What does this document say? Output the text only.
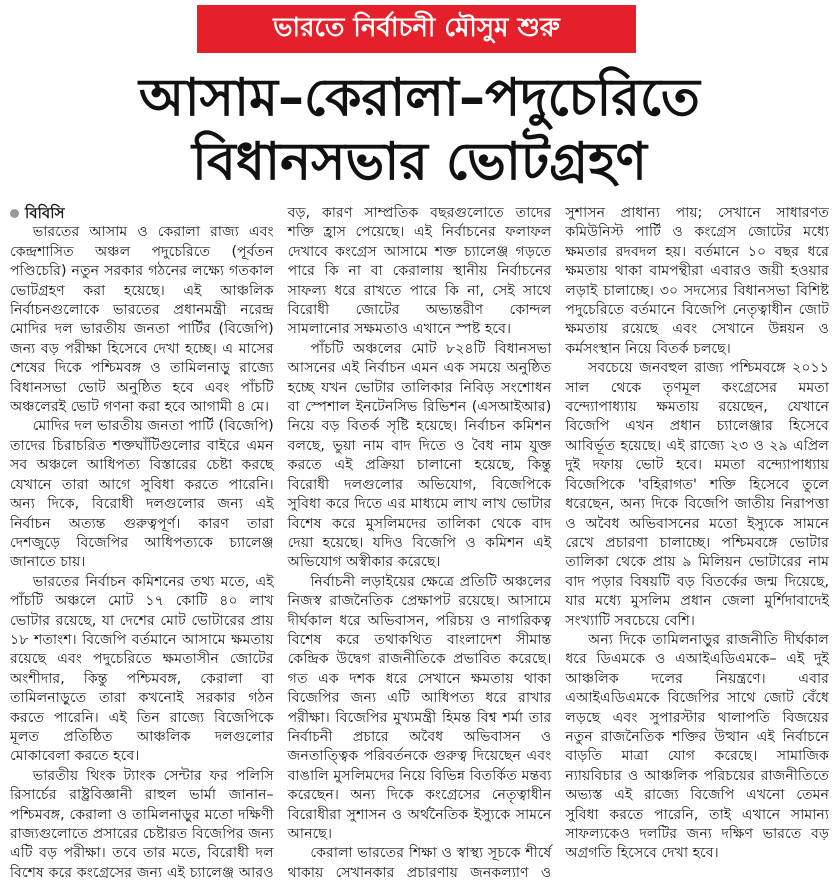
ভারতে নির্বাচনী মৌসুম শুরু
আসাম–কেরালা–পদুচেরিতে
বিধানসভার ভোটগ্রহণ
বিবিসি

ভারতের আসাম ও কেরালা রাজ্য এবং কেন্দ্রশাসিত অঞ্চল পদুচেরিতে (পূর্বতন পণ্ডিচেরি) নতুন সরকার গঠনের লক্ষ্যে গতকাল ভোটগ্রহণ করা হয়েছে। এই আঞ্চলিক নির্বাচনগুলোকে ভারতের প্রধানমন্ত্রী নরেন্দ্র মোদির দল ভারতীয় জনতা পার্টির (বিজেপি) জন্য বড় পরীক্ষা হিসেবে দেখা হচ্ছে। এ মাসের শেষের দিকে পশ্চিমবঙ্গ ও তামিলনাড়ু রাজ্যে বিধানসভা ভোট অনুষ্ঠিত হবে এবং পাঁচটি অঞ্চলেরই ভোট গণনা করা হবে আগামী ৪ মে।

মোদির দল ভারতীয় জনতা পার্টি (বিজেপি) তাদের চিরাচরিত শক্তঘাঁটিগুলোর বাইরে এমন সব অঞ্চলে আধিপত্য বিস্তারের চেষ্টা করছে যেখানে তারা আগে সুবিধা করতে পারেনি। অন্য দিকে, বিরোধী দলগুলোর জন্য এই নির্বাচন অত্যন্ত গুরুত্বপূর্ণ। কারণ তারা দেশজুড়ে বিজেপির আধিপত্যকে চ্যালেঞ্জ জানাতে চায়।

ভারতের নির্বাচন কমিশনের তথ্য মতে, এই পাঁচটি অঞ্চলে মোট ১৭ কোটি ৪০ লাখ ভোটার রয়েছে, যা দেশের মোট ভোটারের প্রায় ১৮ শতাংশ। বিজেপি বর্তমানে আসামে ক্ষমতায় রয়েছে এবং পদুচেরিতে ক্ষমতাসীন জোটের অংশীদার, কিন্তু পশ্চিমবঙ্গ, কেরালা বা তামিলনাড়ুতে তারা কখনোই সরকার গঠন করতে পারেনি। এই তিন রাজ্যে বিজেপিকে মূলত প্রতিষ্ঠিত আঞ্চলিক দলগুলোর মোকাবেলা করতে হবে।

ভারতীয় থিংক ট্যাংক সেন্টার ফর পলিসি রিসার্চের রাষ্ট্রবিজ্ঞানী রাহুল ভার্মা জানান– পশ্চিমবঙ্গ, কেরালা ও তামিলনাড়ুর মতো দক্ষিণী রাজ্যগুলোতে প্রসারের চেষ্টারত বিজেপির জন্য এটি বড় পরীক্ষা। তবে তার মতে, বিরোধী দল বিশেষ করে কংগ্রেসের জন্য এই চ্যালেঞ্জ আরও বড়, কারণ সাম্প্রতিক বছরগুলোতে তাদের শক্তি হ্রাস পেয়েছে। এই নির্বাচনের ফলাফল দেখাবে কংগ্রেস আসামে শক্ত চ্যালেঞ্জ গড়তে পারে কি না বা কেরালায় স্থানীয় নির্বাচনের সাফল্য ধরে রাখতে পারে কি না, সেই সাথে বিরোধী জোটের অভ্যন্তরীণ কোন্দল সামলানোর সক্ষমতাও এখানে স্পষ্ট হবে।

পাঁচটি অঞ্চলের মোট ৮২৪টি বিধানসভা আসনের এই নির্বাচন এমন এক সময়ে অনুষ্ঠিত হচ্ছে যখন ভোটার তালিকার নিবিড় সংশোধন বা স্পেশাল ইনটেনসিভ রিভিশন (এসআইআর) নিয়ে বড় বিতর্ক সৃষ্টি হয়েছে। নির্বাচন কমিশন বলছে, ভুয়া নাম বাদ দিতে ও বৈধ নাম যুক্ত করতে এই প্রক্রিয়া চালানো হয়েছে, কিন্তু বিরোধী দলগুলোর অভিযোগ, বিজেপিকে সুবিধা করে দিতে এর মাধ্যমে লাখ লাখ ভোটার বিশেষ করে মুসলিমদের তালিকা থেকে বাদ দেয়া হয়েছে। যদিও বিজেপি ও কমিশন এই অভিযোগ অস্বীকার করেছে।

নির্বাচনী লড়াইয়ের ক্ষেত্রে প্রতিটি অঞ্চলের নিজস্ব রাজনৈতিক প্রেক্ষাপট রয়েছে। আসামে দীর্ঘকাল ধরে অভিবাসন, পরিচয় ও নাগরিকত্ব বিশেষ করে তথাকথিত বাংলাদেশ সীমান্ত কেন্দ্রিক উদ্বেগ রাজনীতিকে প্রভাবিত করেছে। গত এক দশক ধরে সেখানে ক্ষমতায় থাকা বিজেপির জন্য এটি আধিপত্য ধরে রাখার পরীক্ষা। বিজেপির মুখ্যমন্ত্রী হিমন্ত বিশ্ব শর্মা তার নির্বাচনী প্রচারে অবৈধ অভিবাসন ও জনতাত্ত্বিক পরিবর্তনকে গুরুত্ব দিয়েছেন এবং বাঙালি মুসলিমদের নিয়ে বিভিন্ন বিতর্কিত মন্তব্য করেছেন। অন্য দিকে কংগ্রেসের নেতৃত্বাধীন বিরোধীরা সুশাসন ও অর্থনৈতিক ইস্যুকে সামনে আনছে।

কেরালা ভারতের শিক্ষা ও স্বাস্থ্য সূচকে শীর্ষে থাকায় সেখানকার প্রচারণায় জনকল্যাণ ও সুশাসন প্রাধান্য পায়; সেখানে সাধারণত কমিউনিস্ট পার্টি ও কংগ্রেস জোটের মধ্যে ক্ষমতার রদবদল হয়। বর্তমানে ১০ বছর ধরে ক্ষমতায় থাকা বামপন্থীরা এবারও জয়ী হওয়ার লড়াই চালাচ্ছে। ৩০ সদস্যের বিধানসভা বিশিষ্ট পদুচেরিতে বর্তমানে বিজেপি নেতৃত্বাধীন জোট ক্ষমতায় রয়েছে এবং সেখানে উন্নয়ন ও কর্মসংস্থান নিয়ে বিতর্ক চলছে।

সবচেয়ে জনবহুল রাজ্য পশ্চিমবঙ্গে ২০১১ সাল থেকে তৃণমূল কংগ্রেসের মমতা বন্দ্যোপাধ্যায় ক্ষমতায় রয়েছেন, যেখানে বিজেপি এখন প্রধান চ্যালেঞ্জার হিসেবে আবির্ভূত হয়েছে। এই রাজ্যে ২৩ ও ২৯ এপ্রিল দুই দফায় ভোট হবে। মমতা বন্দ্যোপাধ্যায় বিজেপিকে 'বহিরাগত' শক্তি হিসেবে তুলে ধরেছেন, অন্য দিকে বিজেপি জাতীয় নিরাপত্তা ও অবৈধ অভিবাসনের মতো ইস্যুকে সামনে রেখে প্রচারণা চালাচ্ছে। পশ্চিমবঙ্গে ভোটার তালিকা থেকে প্রায় ৯ মিলিয়ন ভোটারের নাম বাদ পড়ার বিষয়টি বড় বিতর্কের জন্ম দিয়েছে, যার মধ্যে মুসলিম প্রধান জেলা মুর্শিদাবাদেই সংখ্যাটি সবচেয়ে বেশি।

অন্য দিকে তামিলনাড়ুর রাজনীতি দীর্ঘকাল ধরে ডিএমকে ও এআইএডিএমকে– এই দুই আঞ্চলিক দলের নিয়ন্ত্রণে। এবার এআইএডিএমকে বিজেপির সাথে জোট বেঁধে লড়ছে এবং সুপারস্টার থালাপতি বিজয়ের নতুন রাজনৈতিক শক্তির উত্থান এই নির্বাচনে বাড়তি মাত্রা যোগ করেছে। সামাজিক ন্যায়বিচার ও আঞ্চলিক পরিচয়ের রাজনীতিতে অভ্যস্ত এই রাজ্যে বিজেপি এখনো তেমন সুবিধা করতে পারেনি, তাই এখানে সামান্য সাফল্যকেও দলটির জন্য দক্ষিণ ভারতে বড় অগ্রগতি হিসেবে দেখা হবে।
